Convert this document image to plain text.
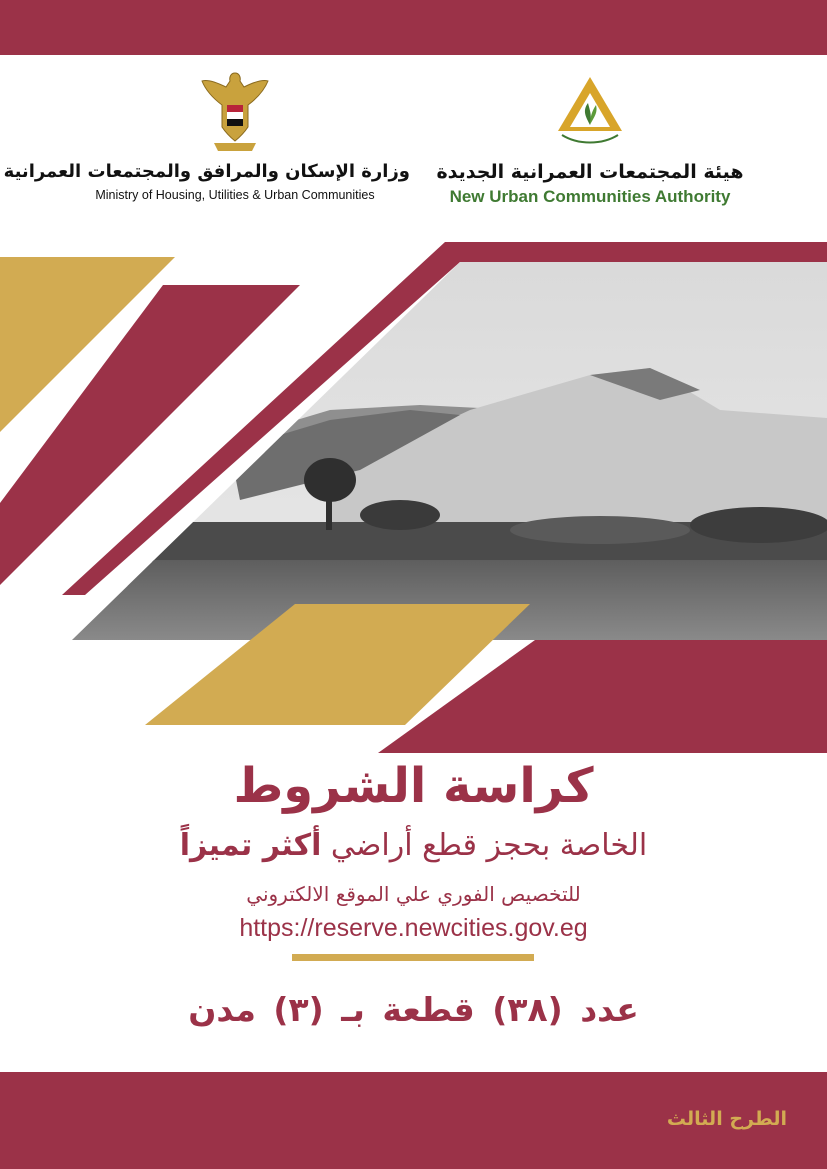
وزارة الإسكان والمرافق والمجتمعات العمرانية
Ministry of Housing, Utilities & Urban Communities
هيئة المجتمعات العمرانية الجديدة
New Urban Communities Authority
كراسة الشروط
الخاصة بحجز قطع أراضي أكثر تميزاً
للتخصيص الفوري علي الموقع الالكتروني
https://reserve.newcities.gov.eg
عدد (٣٨) قطعة بـ (٣) مدن
الطرح الثالث
